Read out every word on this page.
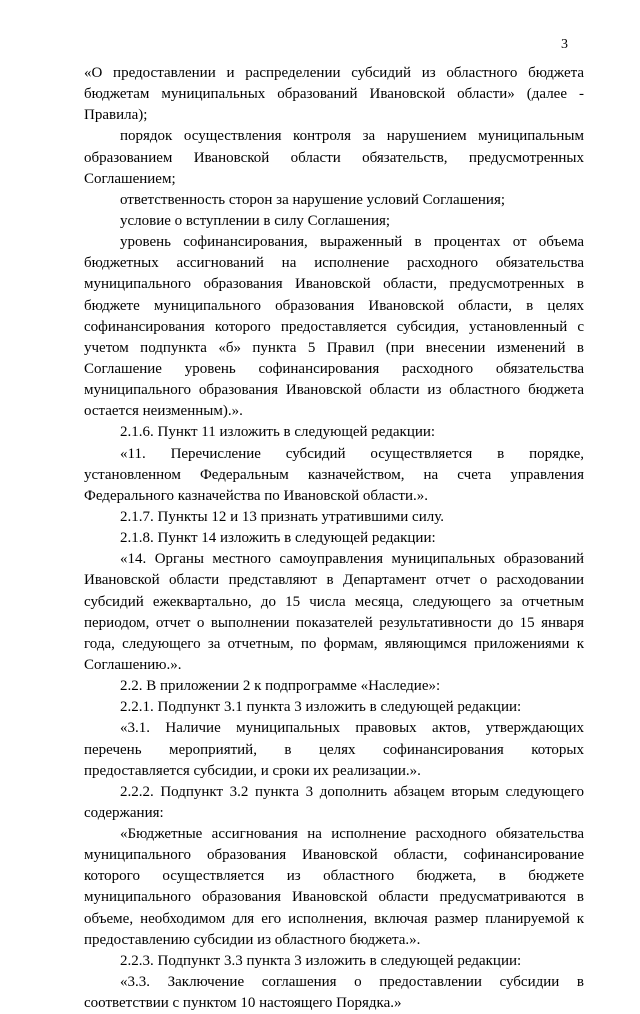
3
«О предоставлении и распределении субсидий из областного бюджета
бюджетам муниципальных образований Ивановской области» (далее -
Правила);
порядок осуществления контроля за нарушением муниципальным
образованием Ивановской области обязательств, предусмотренных
Соглашением;
ответственность сторон за нарушение условий Соглашения;
условие о вступлении в силу Соглашения;
уровень софинансирования, выраженный в процентах от объема
бюджетных ассигнований на исполнение расходного обязательства
муниципального образования Ивановской области, предусмотренных в
бюджете муниципального образования Ивановской области, в целях
софинансирования которого предоставляется субсидия, установленный с
учетом подпункта «б» пункта 5 Правил (при внесении изменений в
Соглашение уровень софинансирования расходного обязательства
муниципального образования Ивановской области из областного бюджета
остается неизменным).».
2.1.6. Пункт 11 изложить в следующей редакции:
«11. Перечисление субсидий осуществляется в порядке,
установленном Федеральным казначейством, на счета управления
Федерального казначейства по Ивановской области.».
2.1.7. Пункты 12 и 13 признать утратившими силу.
2.1.8. Пункт 14 изложить в следующей редакции:
«14. Органы местного самоуправления муниципальных образований
Ивановской области представляют в Департамент отчет о расходовании
субсидий ежеквартально, до 15 числа месяца, следующего за отчетным
периодом, отчет о выполнении показателей результативности до 15 января
года, следующего за отчетным, по формам, являющимся приложениями к
Соглашению.».
2.2. В приложении 2 к подпрограмме «Наследие»:
2.2.1. Подпункт 3.1 пункта 3 изложить в следующей редакции:
«3.1. Наличие муниципальных правовых актов, утверждающих
перечень мероприятий, в целях софинансирования которых
предоставляется субсидии, и сроки их реализации.».
2.2.2. Подпункт 3.2 пункта 3 дополнить абзацем вторым следующего
содержания:
«Бюджетные ассигнования на исполнение расходного обязательства
муниципального образования Ивановской области, софинансирование
которого осуществляется из областного бюджета, в бюджете
муниципального образования Ивановской области предусматриваются в
объеме, необходимом для его исполнения, включая размер планируемой к
предоставлению субсидии из областного бюджета.».
2.2.3. Подпункт 3.3 пункта 3 изложить в следующей редакции:
«3.3. Заключение соглашения о предоставлении субсидии в
соответствии с пунктом 10 настоящего Порядка.»
